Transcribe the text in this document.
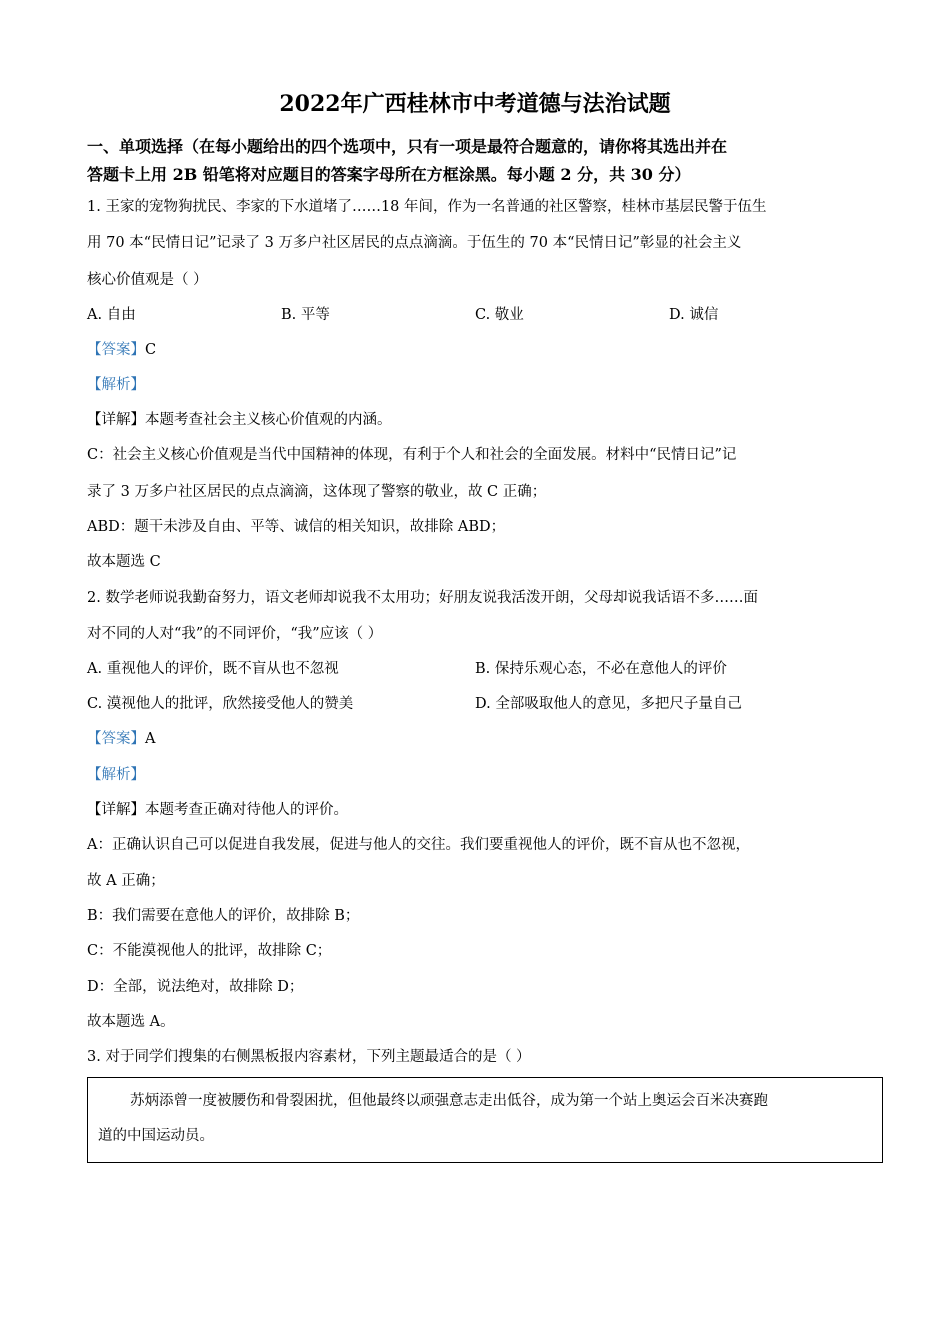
2022年广西桂林市中考道德与法治试题
一、单项选择（在每小题给出的四个选项中，只有一项是最符合题意的，请你将其选出并在
答题卡上用 2B 铅笔将对应题目的答案字母所在方框涂黑。每小题 2 分，共 30 分）
1. 王家的宠物狗扰民、李家的下水道堵了……18 年间，作为一名普通的社区警察，桂林市基层民警于伍生
用 70 本“民情日记”记录了 3 万多户社区居民的点点滴滴。于伍生的 70 本“民情日记”彰显的社会主义
核心价值观是（ ）
A. 自由	B. 平等	C. 敬业	D. 诚信
【答案】C
【解析】
【详解】本题考查社会主义核心价值观的内涵。
C：社会主义核心价值观是当代中国精神的体现，有利于个人和社会的全面发展。材料中“民情日记”记
录了 3 万多户社区居民的点点滴滴，这体现了警察的敬业，故 C 正确；
ABD：题干未涉及自由、平等、诚信的相关知识，故排除 ABD；
故本题选 C
2. 数学老师说我勤奋努力，语文老师却说我不太用功；好朋友说我活泼开朗，父母却说我话语不多……面
对不同的人对“我”的不同评价，“我”应该（ ）
A. 重视他人的评价，既不盲从也不忽视	B. 保持乐观心态，不必在意他人的评价
C. 漠视他人的批评，欣然接受他人的赞美	D. 全部吸取他人的意见，多把尺子量自己
【答案】A
【解析】
【详解】本题考查正确对待他人的评价。
A：正确认识自己可以促进自我发展，促进与他人的交往。我们要重视他人的评价，既不盲从也不忽视，
故 A 正确；
B：我们需要在意他人的评价，故排除 B；
C：不能漠视他人的批评，故排除 C；
D：全部，说法绝对，故排除 D；
故本题选 A。
3. 对于同学们搜集的右侧黑板报内容素材，下列主题最适合的是（ ）
苏炳添曾一度被腰伤和骨裂困扰，但他最终以顽强意志走出低谷，成为第一个站上奥运会百米决赛跑
道的中国运动员。
